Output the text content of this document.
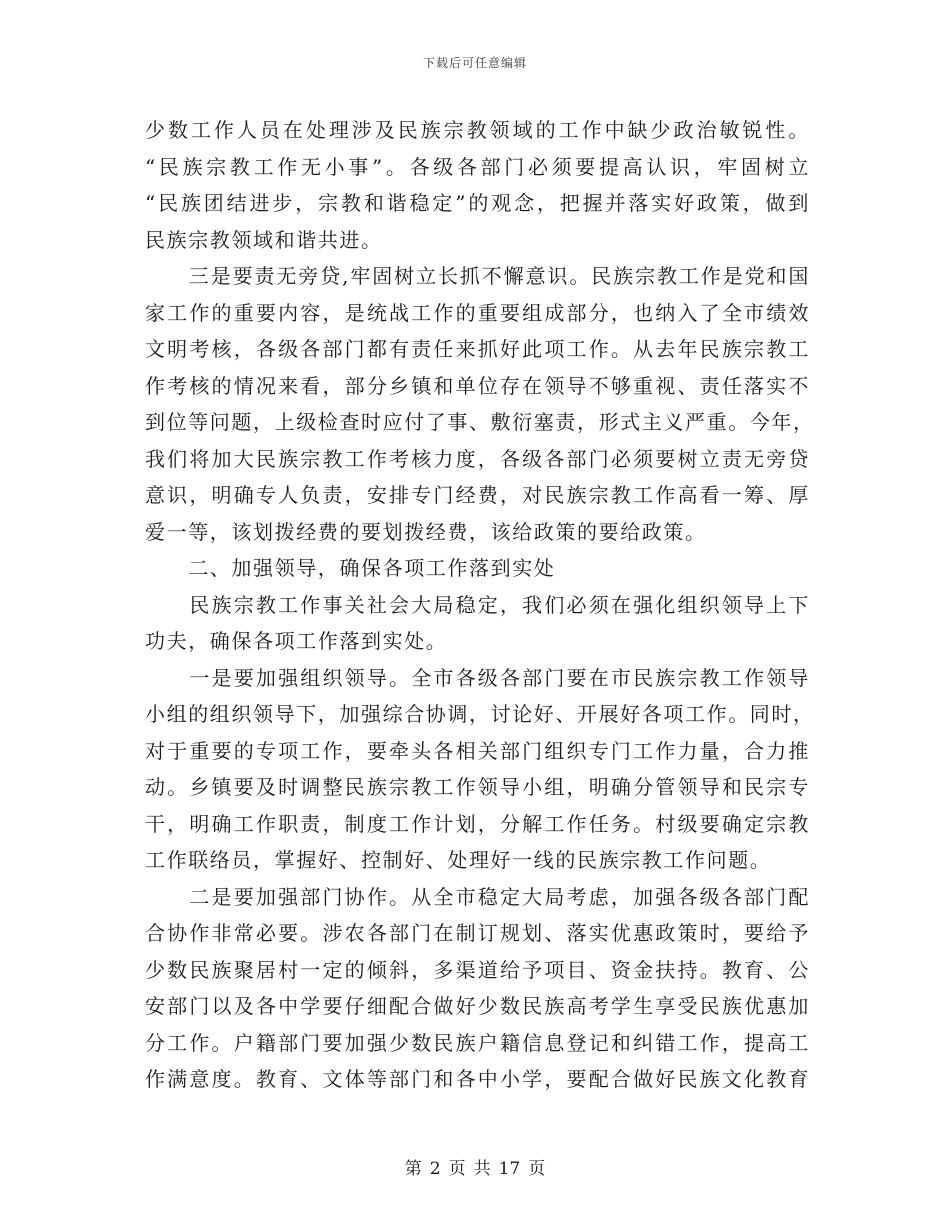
下载后可任意编辑
少数工作人员在处理涉及民族宗教领域的工作中缺少政治敏锐性。
“民族宗教工作无小事”。各级各部门必须要提高认识，牢固树立
“民族团结进步，宗教和谐稳定”的观念，把握并落实好政策，做到
民族宗教领域和谐共进。
　　三是要责无旁贷,牢固树立长抓不懈意识。民族宗教工作是党和国
家工作的重要内容，是统战工作的重要组成部分，也纳入了全市绩效
文明考核，各级各部门都有责任来抓好此项工作。从去年民族宗教工
作考核的情况来看，部分乡镇和单位存在领导不够重视、责任落实不
到位等问题，上级检查时应付了事、敷衍塞责，形式主义严重。今年，
我们将加大民族宗教工作考核力度，各级各部门必须要树立责无旁贷
意识，明确专人负责，安排专门经费，对民族宗教工作高看一筹、厚
爱一等，该划拨经费的要划拨经费，该给政策的要给政策。
　　二、加强领导，确保各项工作落到实处
　　民族宗教工作事关社会大局稳定，我们必须在强化组织领导上下
功夫，确保各项工作落到实处。
　　一是要加强组织领导。全市各级各部门要在市民族宗教工作领导
小组的组织领导下，加强综合协调，讨论好、开展好各项工作。同时，
对于重要的专项工作，要牵头各相关部门组织专门工作力量，合力推
动。乡镇要及时调整民族宗教工作领导小组，明确分管领导和民宗专
干，明确工作职责，制度工作计划，分解工作任务。村级要确定宗教
工作联络员，掌握好、控制好、处理好一线的民族宗教工作问题。
　　二是要加强部门协作。从全市稳定大局考虑，加强各级各部门配
合协作非常必要。涉农各部门在制订规划、落实优惠政策时，要给予
少数民族聚居村一定的倾斜，多渠道给予项目、资金扶持。教育、公
安部门以及各中学要仔细配合做好少数民族高考学生享受民族优惠加
分工作。户籍部门要加强少数民族户籍信息登记和纠错工作，提高工
作满意度。教育、文体等部门和各中小学，要配合做好民族文化教育
第 2 页 共 17 页
